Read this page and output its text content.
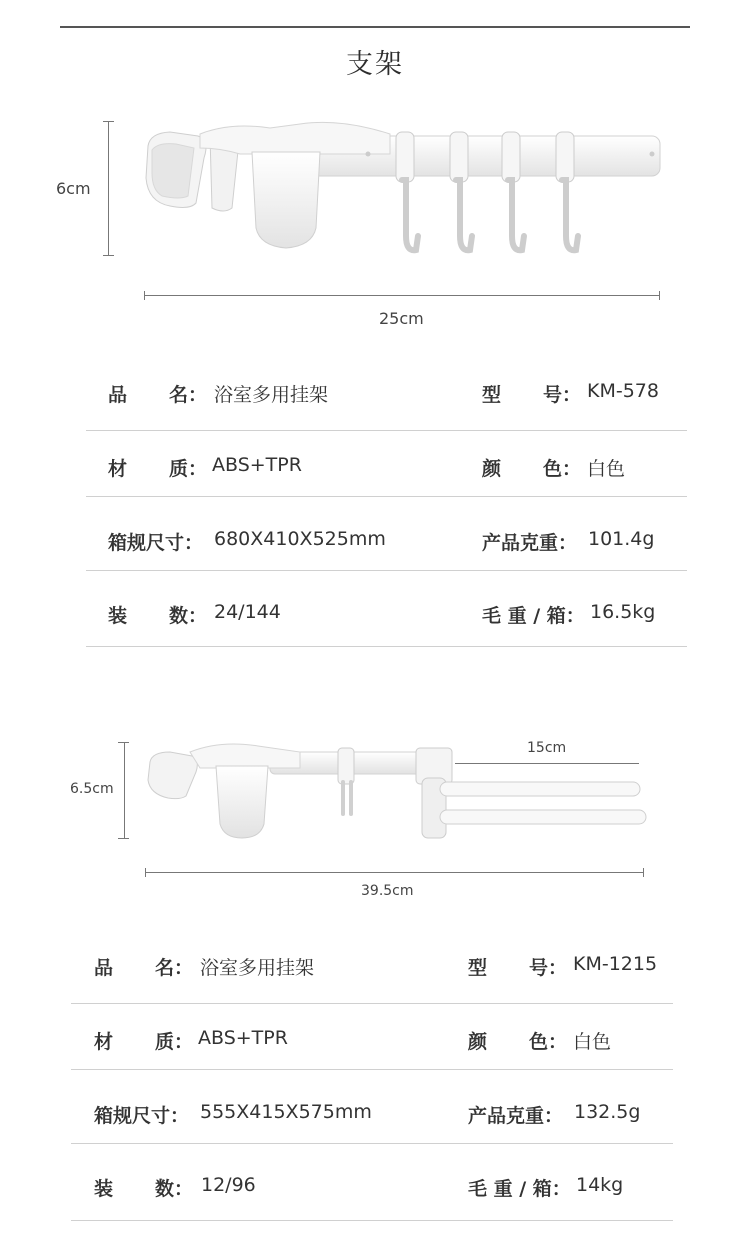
支架
6cm
25cm
品 名： 浴室多用挂架	型 号： KM-578
材 质： ABS+TPR	颜 色： 白色
箱规尺寸： 680X410X525mm	产品克重： 101.4g
装 数： 24/144	毛 重 / 箱： 16.5kg
6.5cm
15cm
39.5cm
品 名： 浴室多用挂架	型 号： KM-1215
材 质： ABS+TPR	颜 色： 白色
箱规尺寸： 555X415X575mm	产品克重： 132.5g
装 数： 12/96	毛 重 / 箱： 14kg
